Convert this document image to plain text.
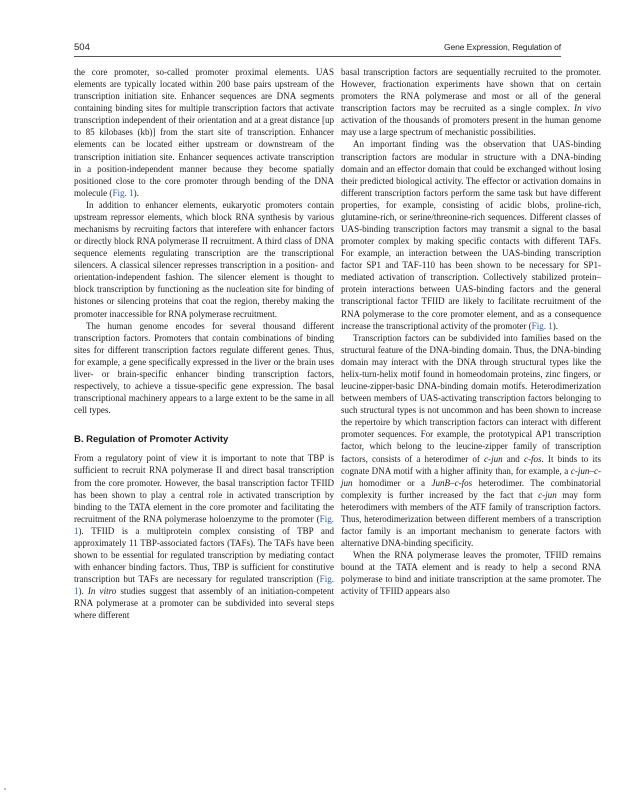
504	Gene Expression, Regulation of

the core promoter, so-called promoter proximal elements. UAS elements are typically located within 200 base pairs upstream of the transcription initiation site. Enhancer sequences are DNA segments containing binding sites for multiple transcription factors that activate transcription independent of their orientation and at a great distance [up to 85 kilobases (kb)] from the start site of transcription. Enhancer elements can be located either upstream or downstream of the transcription initiation site. Enhancer sequences activate transcription in a position-independent manner because they become spatially positioned close to the core promoter through bending of the DNA molecule (Fig. 1).

In addition to enhancer elements, eukaryotic promoters contain upstream repressor elements, which block RNA synthesis by various mechanisms by recruiting factors that interefere with enhancer factors or directly block RNA polymerase II recruitment. A third class of DNA sequence elements regulating transcription are the transcriptional silencers. A classical silencer represses transcription in a position- and orientation-independent fashion. The silencer element is thought to block transcription by functioning as the nucleation site for binding of histones or silencing proteins that coat the region, thereby making the promoter inaccessible for RNA polymerase recruitment.

The human genome encodes for several thousand different transcription factors. Promoters that contain combinations of binding sites for different transcription factors regulate different genes. Thus, for example, a gene specifically expressed in the liver or the brain uses liver- or brain-specific enhancer binding transcription factors, respectively, to achieve a tissue-specific gene expression. The basal transcriptional machinery appears to a large extent to be the same in all cell types.

B. Regulation of Promoter Activity

From a regulatory point of view it is important to note that TBP is sufficient to recruit RNA polymerase II and direct basal transcription from the core promoter. However, the basal transcription factor TFIID has been shown to play a central role in activated transcription by binding to the TATA element in the core promoter and facilitating the recruitment of the RNA polymerase holoenzyme to the promoter (Fig. 1). TFIID is a multiprotein complex consisting of TBP and approximately 11 TBP-associated factors (TAFs). The TAFs have been shown to be essential for regulated transcription by mediating contact with enhancer binding factors. Thus, TBP is sufficient for constitutive transcription but TAFs are necessary for regulated transcription (Fig. 1). In vitro studies suggest that assembly of an initiation-competent RNA polymerase at a promoter can be subdivided into several steps where different

basal transcription factors are sequentially recruited to the promoter. However, fractionation experiments have shown that on certain promoters the RNA polymerase and most or all of the general transcription factors may be recruited as a single complex. In vivo activation of the thousands of promoters present in the human genome may use a large spectrum of mechanistic possibilities.

An important finding was the observation that UAS-binding transcription factors are modular in structure with a DNA-binding domain and an effector domain that could be exchanged without losing their predicted biological activity. The effector or activation domains in different transcription factors perform the same task but have different properties, for example, consisting of acidic blobs, proline-rich, glutamine-rich, or serine/threonine-rich sequences. Different classes of UAS-binding transcription factors may transmit a signal to the basal promoter complex by making specific contacts with different TAFs. For example, an interaction between the UAS-binding transcription factor SP1 and TAF-110 has been shown to be necessary for SP1-mediated activation of transcription. Collectively stabilized protein–protein interactions between UAS-binding factors and the general transcriptional factor TFIID are likely to facilitate recruitment of the RNA polymerase to the core promoter element, and as a consequence increase the transcriptional activity of the promoter (Fig. 1).

Transcription factors can be subdivided into families based on the structural feature of the DNA-binding domain. Thus, the DNA-binding domain may interact with the DNA through structural types like the helix-turn-helix motif found in homeodomain proteins, zinc fingers, or leucine-zipper-basic DNA-binding domain motifs. Heterodimerization between members of UAS-activating transcription factors belonging to such structural types is not uncommon and has been shown to increase the repertoire by which transcription factors can interact with different promoter sequences. For example, the prototypical AP1 transcription factor, which belong to the leucine-zipper family of transcription factors, consists of a heterodimer of c-jun and c-fos. It binds to its cognate DNA motif with a higher affinity than, for example, a c-jun–c-jun homodimer or a JunB–c-fos heterodimer. The combinatorial complexity is further increased by the fact that c-jun may form heterodimers with members of the ATF family of transcription factors. Thus, heterodimerization between different members of a transcription factor family is an important mechanism to generate factors with alternative DNA-binding specificity.

When the RNA polymerase leaves the promoter, TFIID remains bound at the TATA element and is ready to help a second RNA polymerase to bind and initiate transcription at the same promoter. The activity of TFIID appears also
